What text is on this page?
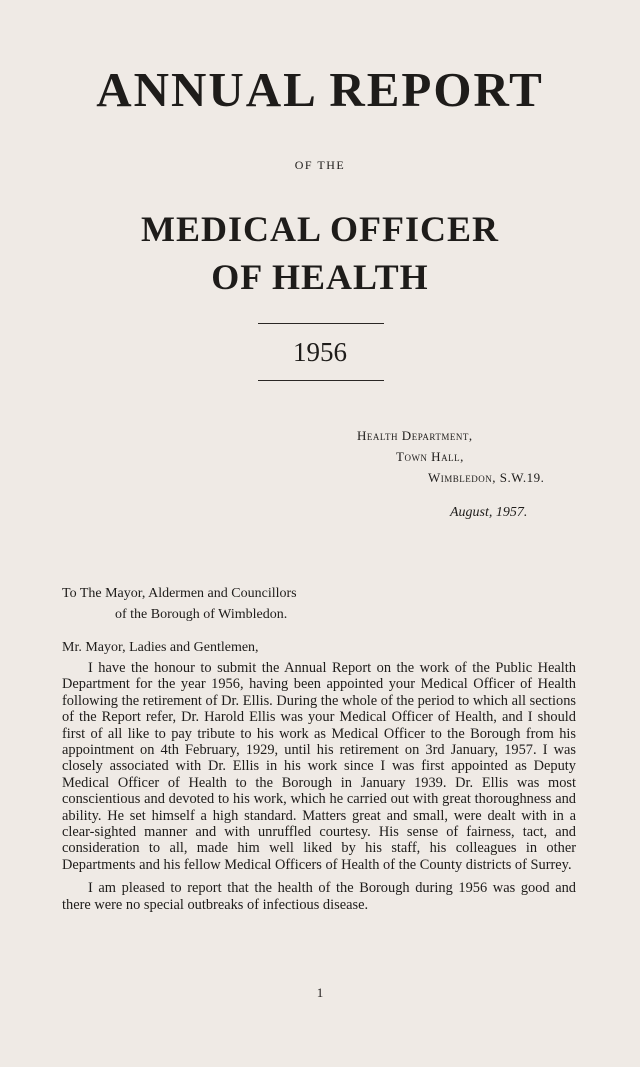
ANNUAL REPORT
OF THE
MEDICAL OFFICER
OF HEALTH
1956
Health Department,
Town Hall,
Wimbledon, S.W.19.
August, 1957.
To The Mayor, Aldermen and Councillors
of the Borough of Wimbledon.
Mr. Mayor, Ladies and Gentlemen,

I have the honour to submit the Annual Report on the work of the Public Health Department for the year 1956, having been appointed your Medical Officer of Health following the retirement of Dr. Ellis. During the whole of the period to which all sections of the Report refer, Dr. Harold Ellis was your Medical Officer of Health, and I should first of all like to pay tribute to his work as Medical Officer to the Borough from his appointment on 4th February, 1929, until his retirement on 3rd January, 1957. I was closely associated with Dr. Ellis in his work since I was first appointed as Deputy Medical Officer of Health to the Borough in January 1939. Dr. Ellis was most conscientious and devoted to his work, which he carried out with great thoroughness and ability. He set himself a high standard. Matters great and small, were dealt with in a clear-sighted manner and with unruffled courtesy. His sense of fairness, tact, and consideration to all, made him well liked by his staff, his colleagues in other Departments and his fellow Medical Officers of Health of the County districts of Surrey.

I am pleased to report that the health of the Borough during 1956 was good and there were no special outbreaks of infectious disease.

1
